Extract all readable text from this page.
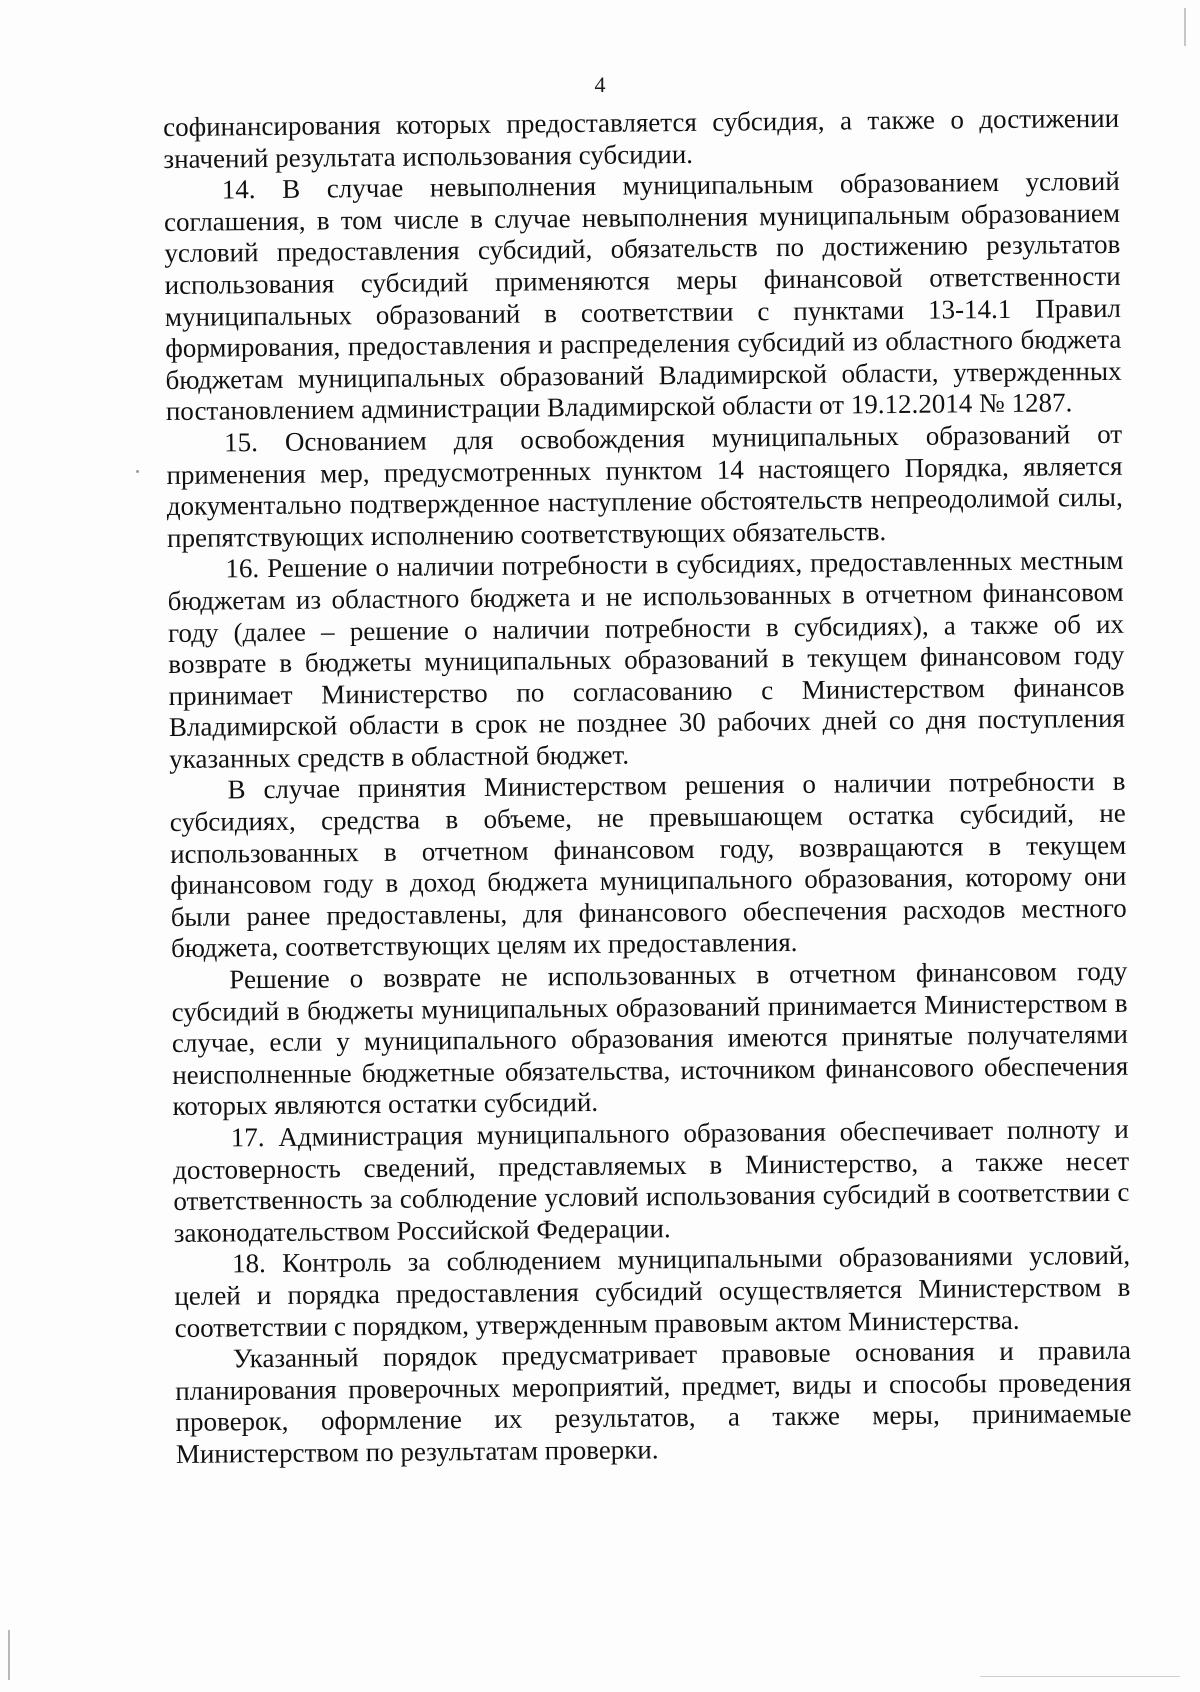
4

софинансирования которых предоставляется субсидия, а также о достижении значений результата использования субсидии.

14. В случае невыполнения муниципальным образованием условий соглашения, в том числе в случае невыполнения муниципальным образованием условий предоставления субсидий, обязательств по достижению результатов использования субсидий применяются меры финансовой ответственности муниципальных образований в соответствии с пунктами 13-14.1 Правил формирования, предоставления и распределения субсидий из областного бюджета бюджетам муниципальных образований Владимирской области, утвержденных постановлением администрации Владимирской области от 19.12.2014 № 1287.

15. Основанием для освобождения муниципальных образований от применения мер, предусмотренных пунктом 14 настоящего Порядка, является документально подтвержденное наступление обстоятельств непреодолимой силы, препятствующих исполнению соответствующих обязательств.

16. Решение о наличии потребности в субсидиях, предоставленных местным бюджетам из областного бюджета и не использованных в отчетном финансовом году (далее – решение о наличии потребности в субсидиях), а также об их возврате в бюджеты муниципальных образований в текущем финансовом году принимает Министерство по согласованию с Министерством финансов Владимирской области в срок не позднее 30 рабочих дней со дня поступления указанных средств в областной бюджет.

В случае принятия Министерством решения о наличии потребности в субсидиях, средства в объеме, не превышающем остатка субсидий, не использованных в отчетном финансовом году, возвращаются в текущем финансовом году в доход бюджета муниципального образования, которому они были ранее предоставлены, для финансового обеспечения расходов местного бюджета, соответствующих целям их предоставления.

Решение о возврате не использованных в отчетном финансовом году субсидий в бюджеты муниципальных образований принимается Министерством в случае, если у муниципального образования имеются принятые получателями неисполненные бюджетные обязательства, источником финансового обеспечения которых являются остатки субсидий.

17. Администрация муниципального образования обеспечивает полноту и достоверность сведений, представляемых в Министерство, а также несет ответственность за соблюдение условий использования субсидий в соответствии с законодательством Российской Федерации.

18. Контроль за соблюдением муниципальными образованиями условий, целей и порядка предоставления субсидий осуществляется Министерством в соответствии с порядком, утвержденным правовым актом Министерства.

Указанный порядок предусматривает правовые основания и правила планирования проверочных мероприятий, предмет, виды и способы проведения проверок, оформление их результатов, а также меры, принимаемые Министерством по результатам проверки.
